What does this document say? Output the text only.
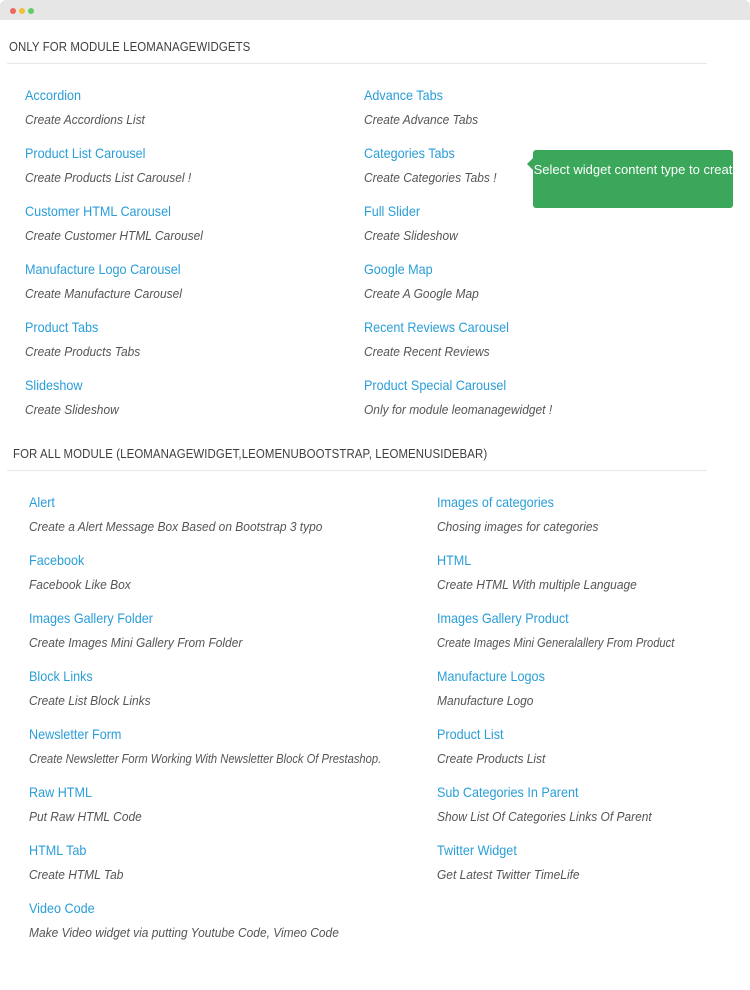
ONLY FOR MODULE LEOMANAGEWIDGETS
Accordion
Create Accordions List
Advance Tabs
Create Advance Tabs
Product List Carousel
Create Products List Carousel !
Categories Tabs
Create Categories Tabs !
Customer HTML Carousel
Create Customer HTML Carousel
Full Slider
Create Slideshow
Manufacture Logo Carousel
Create Manufacture Carousel
Google Map
Create A Google Map
Product Tabs
Create Products Tabs
Recent Reviews Carousel
Create Recent Reviews
Slideshow
Create Slideshow
Product Special Carousel
Only for module leomanagewidget !
Select widget content type to creat
FOR ALL MODULE (LEOMANAGEWIDGET,LEOMENUBOOTSTRAP, LEOMENUSIDEBAR)
Alert
Create a Alert Message Box Based on Bootstrap 3 typo
Images of categories
Chosing images for categories
Facebook
Facebook Like Box
HTML
Create HTML With multiple Language
Images Gallery Folder
Create Images Mini Gallery From Folder
Images Gallery Product
Create Images Mini Generalallery From Product
Block Links
Create List Block Links
Manufacture Logos
Manufacture Logo
Newsletter Form
Create Newsletter Form Working With Newsletter Block Of Prestashop.
Product List
Create Products List
Raw HTML
Put Raw HTML Code
Sub Categories In Parent
Show List Of Categories Links Of Parent
HTML Tab
Create HTML Tab
Twitter Widget
Get Latest Twitter TimeLife
Video Code
Make Video widget via putting Youtube Code, Vimeo Code
